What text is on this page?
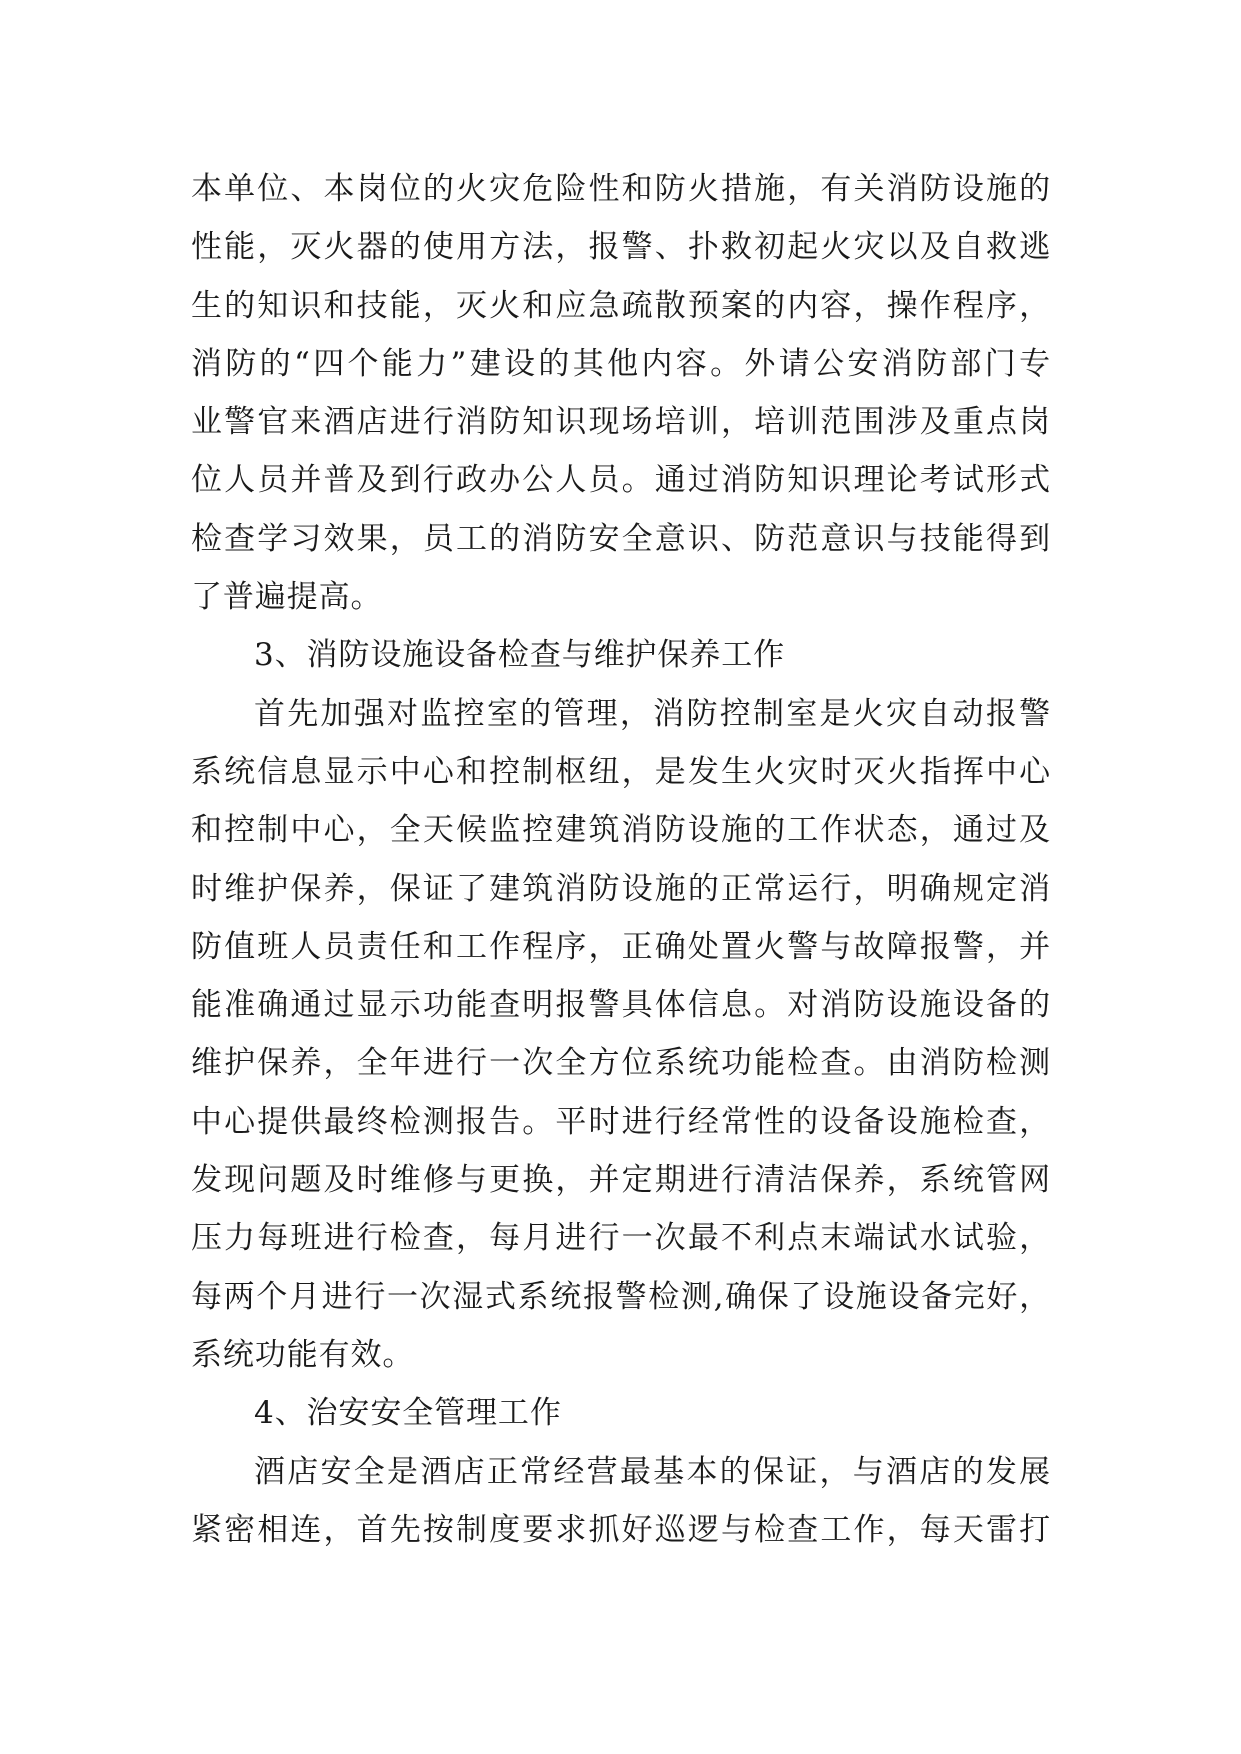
本单位、本岗位的火灾危险性和防火措施，有关消防设施的
性能，灭火器的使用方法，报警、扑救初起火灾以及自救逃
生的知识和技能，灭火和应急疏散预案的内容，操作程序，
消防的“四个能力”建设的其他内容。外请公安消防部门专
业警官来酒店进行消防知识现场培训，培训范围涉及重点岗
位人员并普及到行政办公人员。通过消防知识理论考试形式
检查学习效果，员工的消防安全意识、防范意识与技能得到
了普遍提高。
3、消防设施设备检查与维护保养工作
首先加强对监控室的管理，消防控制室是火灾自动报警
系统信息显示中心和控制枢纽，是发生火灾时灭火指挥中心
和控制中心，全天候监控建筑消防设施的工作状态，通过及
时维护保养，保证了建筑消防设施的正常运行，明确规定消
防值班人员责任和工作程序，正确处置火警与故障报警，并
能准确通过显示功能查明报警具体信息。对消防设施设备的
维护保养，全年进行一次全方位系统功能检查。由消防检测
中心提供最终检测报告。平时进行经常性的设备设施检查，
发现问题及时维修与更换，并定期进行清洁保养，系统管网
压力每班进行检查，每月进行一次最不利点末端试水试验，
每两个月进行一次湿式系统报警检测,确保了设施设备完好，
系统功能有效。
4、治安安全管理工作
酒店安全是酒店正常经营最基本的保证，与酒店的发展
紧密相连，首先按制度要求抓好巡逻与检查工作，每天雷打
